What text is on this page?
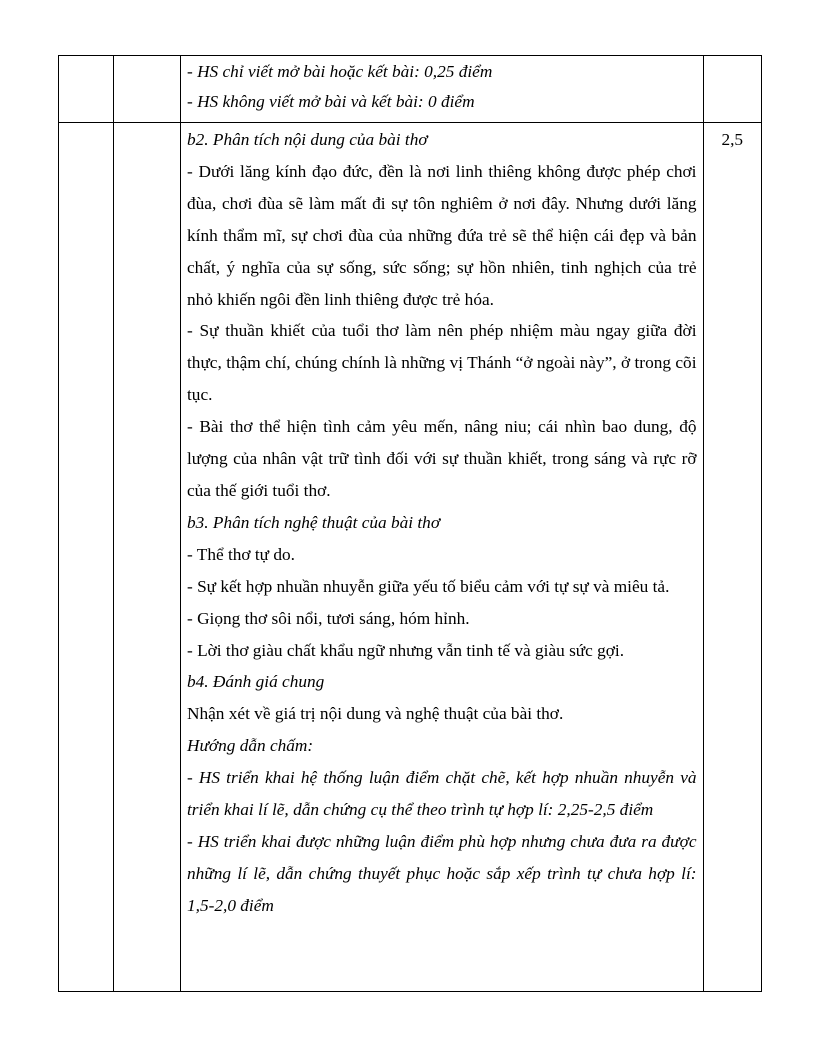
- HS chỉ viết mở bài hoặc kết bài: 0,25 điểm

- HS không viết mở bài và kết bài: 0 điểm

b2. Phân tích nội dung của bài thơ

- Dưới lăng kính đạo đức, đền là nơi linh thiêng không được phép chơi đùa, chơi đùa sẽ làm mất đi sự tôn nghiêm ở nơi đây. Nhưng dưới lăng kính thẩm mĩ, sự chơi đùa của những đứa trẻ sẽ thể hiện cái đẹp và bản chất, ý nghĩa của sự sống, sức sống; sự hồn nhiên, tinh nghịch của trẻ nhỏ khiến ngôi đền linh thiêng được trẻ hóa.

- Sự thuần khiết của tuổi thơ làm nên phép nhiệm màu ngay giữa đời thực, thậm chí, chúng chính là những vị Thánh “ở ngoài này”, ở trong cõi tục.

- Bài thơ thể hiện tình cảm yêu mến, nâng niu; cái nhìn bao dung, độ lượng của nhân vật trữ tình đối với sự thuần khiết, trong sáng và rực rỡ của thế giới tuổi thơ.

b3. Phân tích nghệ thuật của bài thơ

- Thể thơ tự do.

- Sự kết hợp nhuần nhuyễn giữa yếu tố biểu cảm với tự sự và miêu tả.

- Giọng thơ sôi nổi, tươi sáng, hóm hỉnh.

- Lời thơ giàu chất khẩu ngữ nhưng vẫn tinh tế và giàu sức gợi.

b4. Đánh giá chung

Nhận xét về giá trị nội dung và nghệ thuật của bài thơ.

Hướng dẫn chấm:

- HS triển khai hệ thống luận điểm chặt chẽ, kết hợp nhuần nhuyễn và triển khai lí lẽ, dẫn chứng cụ thể theo trình tự hợp lí: 2,25-2,5 điểm

- HS triển khai được những luận điểm phù hợp nhưng chưa đưa ra được những lí lẽ, dẫn chứng thuyết phục hoặc sắp xếp trình tự chưa hợp lí: 1,5-2,0 điểm

2,5
